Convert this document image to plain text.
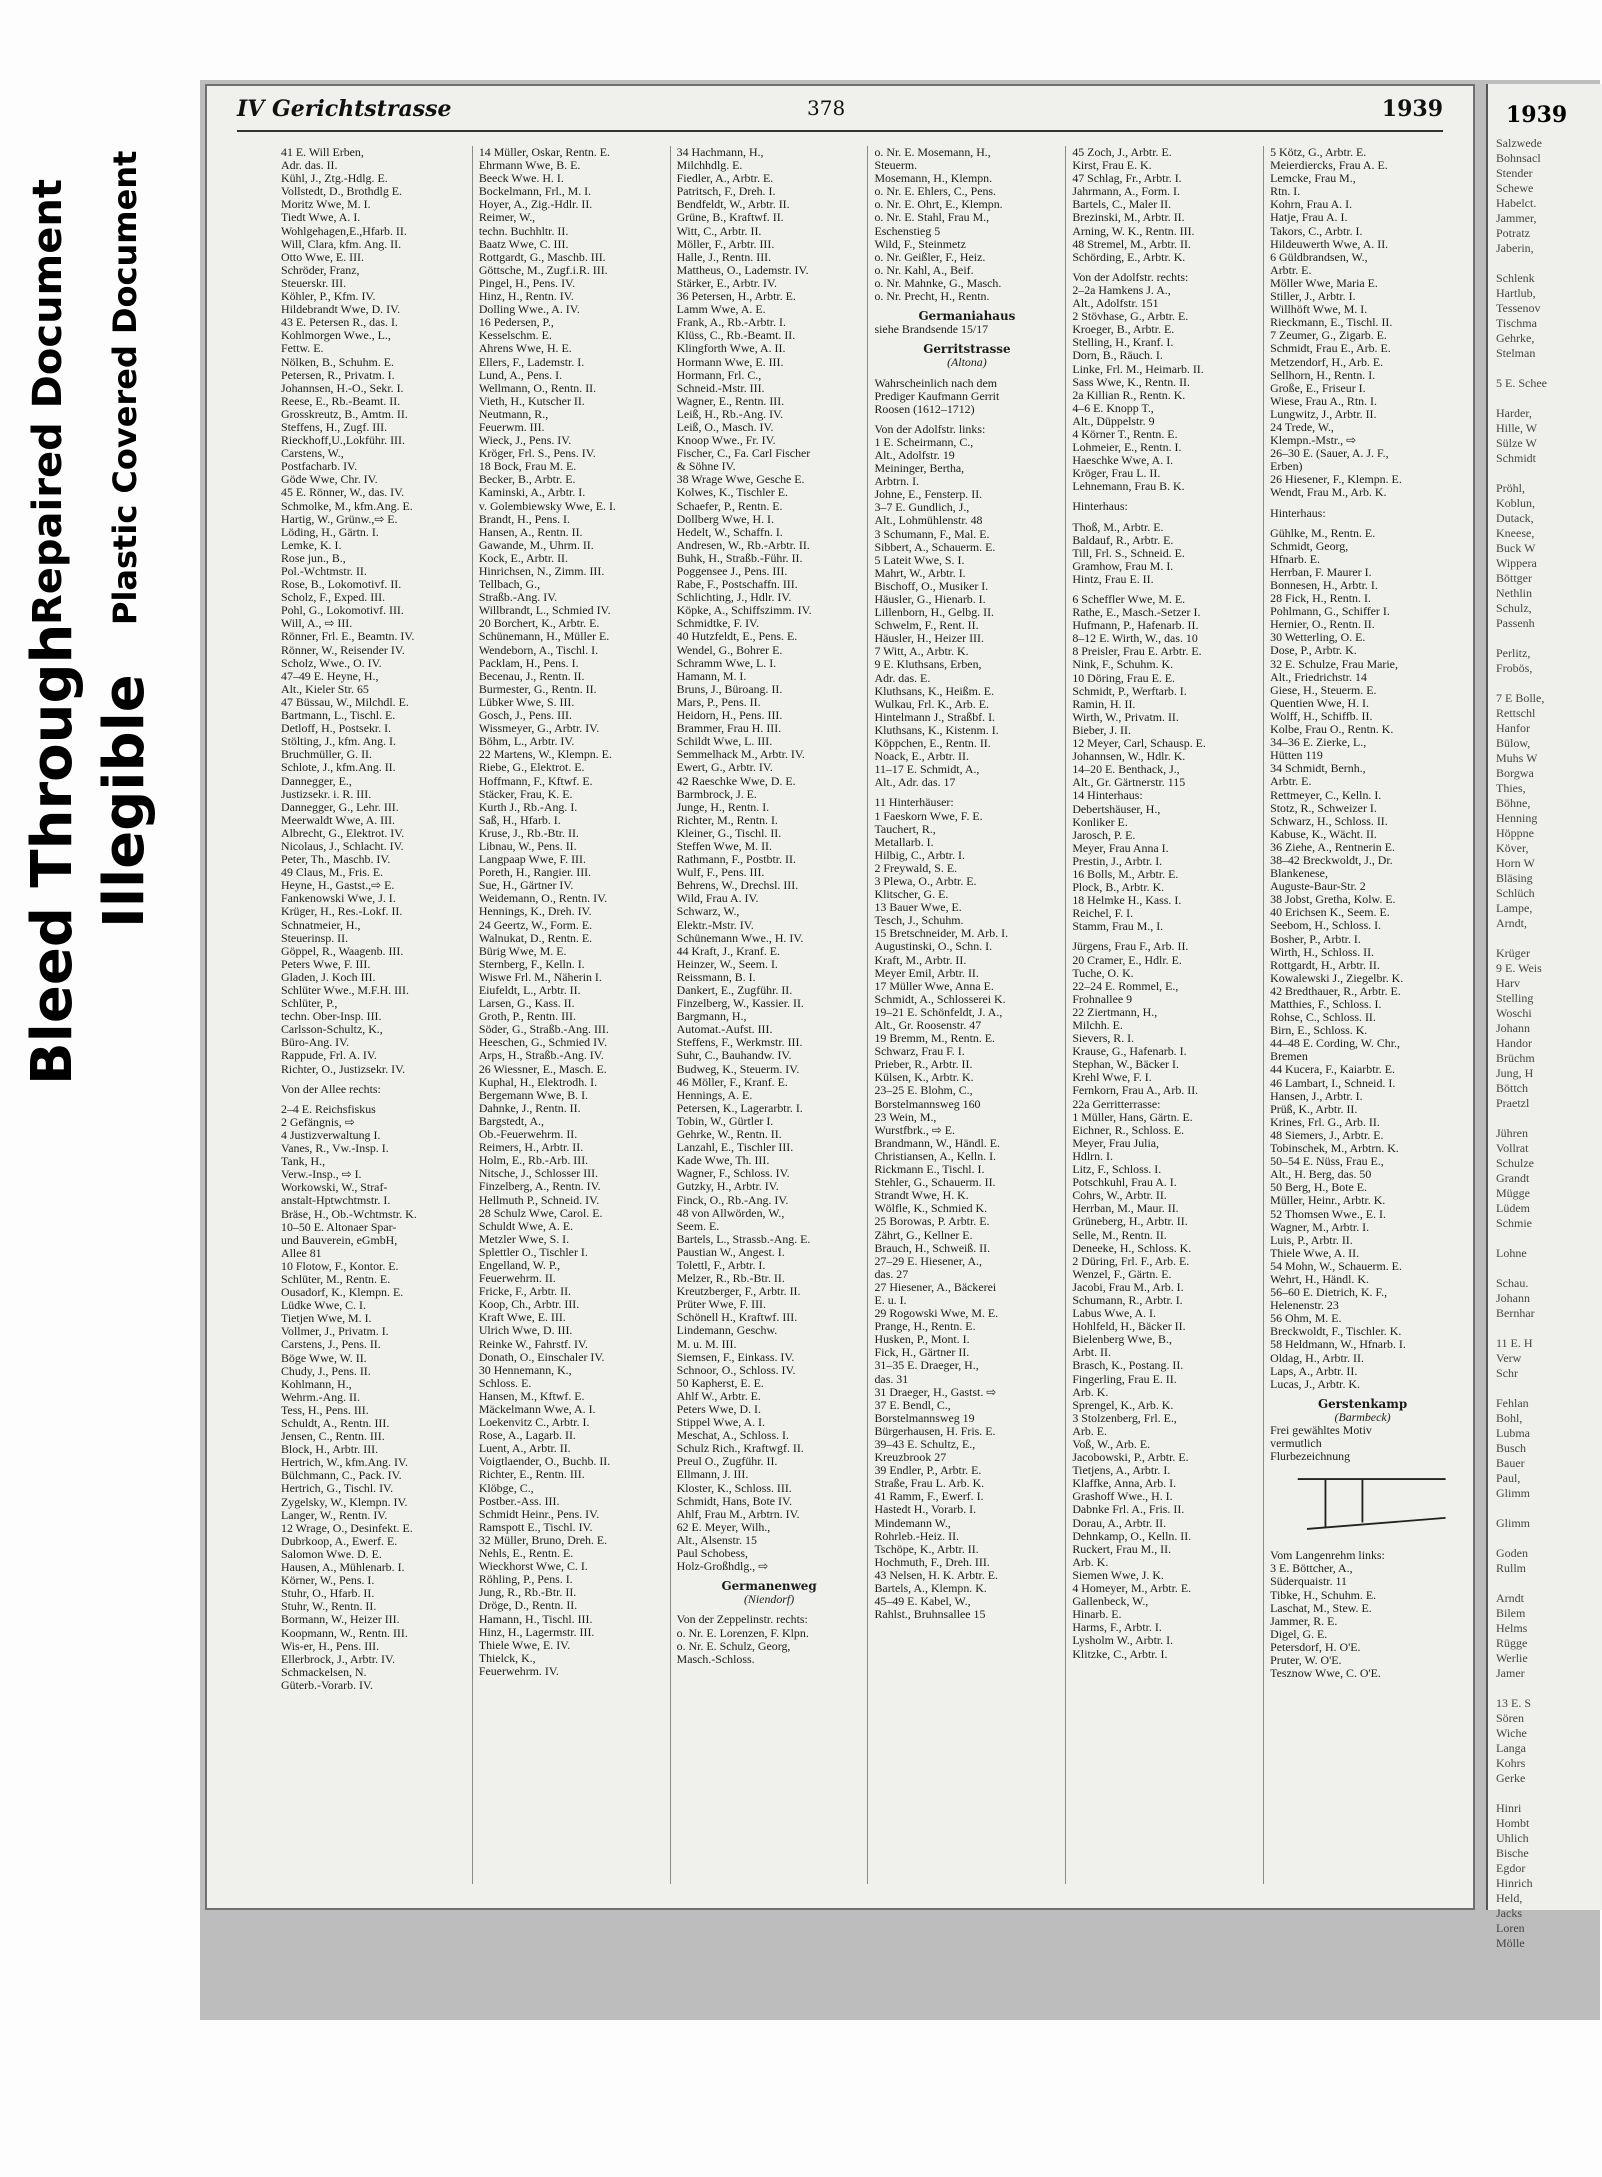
Bleed Through
Repaired Document
Illegible
Plastic Covered Document
IV Gerichtstrasse	378	1939
41 E. Will Erben,
Adr. das. II.
Kühl, J., Ztg.-Hdlg. E.
Vollstedt, D., Brothdlg E.
Moritz Wwe, M. I.
Tiedt Wwe, A. I.
Wohlgehagen,E.,Hfarb. II.
Will, Clara, kfm. Ang. II.
Otto Wwe, E. III.
Schröder, Franz,
Steuerskr. III.
Köhler, P., Kfm. IV.
Hildebrandt Wwe, D. IV.
43 E. Petersen R., das. I.
Kohlmorgen Wwe., L.,
Fettw. E.
Nölken, B., Schuhm. E.
Petersen, R., Privatm. I.
Johannsen, H.-O., Sekr. I.
Reese, E., Rb.-Beamt. II.
Grosskreutz, B., Amtm. II.
Steffens, H., Zugf. III.
Rieckhoff,U.,Lokführ. III.
Carstens, W.,
Postfacharb. IV.
Göde Wwe, Chr. IV.
45 E. Rönner, W., das. IV.
Schmolke, M., kfm.Ang. E.
Hartig, W., Grünw.,⇨ E.
Löding, H., Gärtn. I.
Lemke, K. I.
Rose jun., B.,
Pol.-Wchtmstr. II.
Rose, B., Lokomotivf. II.
Scholz, F., Exped. III.
Pohl, G., Lokomotivf. III.
Will, A., ⇨ III.
Rönner, Frl. E., Beamtn. IV.
Rönner, W., Reisender IV.
Scholz, Wwe., O. IV.
47–49 E. Heyne, H.,
Alt., Kieler Str. 65
47 Büssau, W., Milchdl. E.
Bartmann, L., Tischl. E.
Detloff, H., Postsekr. I.
Stölting, J., kfm. Ang. I.
Bruchmüller, G. II.
Schlote, J., kfm.Ang. II.
Dannegger, E.,
Justizsekr. i. R. III.
Dannegger, G., Lehr. III.
Meerwaldt Wwe, A. III.
Albrecht, G., Elektrot. IV.
Nicolaus, J., Schlacht. IV.
Peter, Th., Maschb. IV.
49 Claus, M., Fris. E.
Heyne, H., Gastst.,⇨ E.
Fankenowski Wwe, J. I.
Krüger, H., Res.-Lokf. II.
Schnatmeier, H.,
Steuerinsp. II.
Göppel, R., Waagenb. III.
Peters Wwe, F. III.
Gladen, J. Koch III.
Schlüter Wwe., M.F.H. III.
Schlüter, P.,
techn. Ober-Insp. III.
Carlsson-Schultz, K.,
Büro-Ang. IV.
Rappude, Frl. A. IV.
Richter, O., Justizsekr. IV.
Von der Allee rechts:
2–4 E. Reichsfiskus
2 Gefängnis, ⇨
4 Justizverwaltung I.
Vanes, R., Vw.-Insp. I.
Tank, H.,
Verw.-Insp., ⇨ I.
Workowski, W., Straf-
anstalt-Hptwchtmstr. I.
Bräse, H., Ob.-Wchtmstr. K.
10–50 E. Altonaer Spar-
und Bauverein, eGmbH,
Allee 81
10 Flotow, F., Kontor. E.
Schlüter, M., Rentn. E.
Ousadorf, K., Klempn. E.
Lüdke Wwe, C. I.
Tietjen Wwe, M. I.
Vollmer, J., Privatm. I.
Carstens, J., Pens. II.
Böge Wwe, W. II.
Chudy, J., Pens. II.
Kohlmann, H.,
Wehrm.-Ang. II.
Tess, H., Pens. III.
Schuldt, A., Rentn. III.
Jensen, C., Rentn. III.
Block, H., Arbtr. III.
Hertrich, W., kfm.Ang. IV.
Bülchmann, C., Pack. IV.
Hertrich, G., Tischl. IV.
Zygelsky, W., Klempn. IV.
Langer, W., Rentn. IV.
12 Wrage, O., Desinfekt. E.
Dubrkoop, A., Ewerf. E.
Salomon Wwe. D. E.
Hausen, A., Mühlenarb. I.
Körner, W., Pens. I.
Stuhr, O., Hfarb. II.
Stuhr, W., Rentn. II.
Bormann, W., Heizer III.
Koopmann, W., Rentn. III.
Wis-er, H., Pens. III.
Ellerbrock, J., Arbtr. IV.
Schmackelsen, N.
Güterb.-Vorarb. IV.
14 Müller, Oskar, Rentn. E.
Ehrmann Wwe, B. E.
Beeck Wwe. H. I.
Bockelmann, Frl., M. I.
Hoyer, A., Zig.-Hdlr. II.
Reimer, W.,
techn. Buchhltr. II.
Baatz Wwe, C. III.
Rottgardt, G., Maschb. III.
Göttsche, M., Zugf.i.R. III.
Pingel, H., Pens. IV.
Hinz, H., Rentn. IV.
Dolling Wwe., A. IV.
16 Pedersen, P.,
Kesselschm. E.
Ahrens Wwe, H. E.
Ellers, F., Lademstr. I.
Lund, A., Pens. I.
Wellmann, O., Rentn. II.
Vieth, H., Kutscher II.
Neutmann, R.,
Feuerwm. III.
Wieck, J., Pens. IV.
Kröger, Frl. S., Pens. IV.
18 Bock, Frau M. E.
Becker, B., Arbtr. E.
Kaminski, A., Arbtr. I.
v. Golembiewsky Wwe, E. I.
Brandt, H., Pens. I.
Hansen, A., Rentn. II.
Gawande, M., Uhrm. II.
Kock, E., Arbtr. II.
Hinrichsen, N., Zimm. III.
Tellbach, G.,
Straßb.-Ang. IV.
Willbrandt, L., Schmied IV.
20 Borchert, K., Arbtr. E.
Schünemann, H., Müller E.
Wendeborn, A., Tischl. I.
Packlam, H., Pens. I.
Becenau, J., Rentn. II.
Burmester, G., Rentn. II.
Lübker Wwe, S. III.
Gosch, J., Pens. III.
Wissmeyer, G., Arbtr. IV.
Böhm, L., Arbtr. IV.
22 Martens, W., Klempn. E.
Riebe, G., Elektrot. E.
Hoffmann, F., Kftwf. E.
Stäcker, Frau, K. E.
Kurth J., Rb.-Ang. I.
Saß, H., Hfarb. I.
Kruse, J., Rb.-Btr. II.
Libnau, W., Pens. II.
Langpaap Wwe, F. III.
Poreth, H., Rangier. III.
Sue, H., Gärtner IV.
Weidemann, O., Rentn. IV.
Hennings, K., Dreh. IV.
24 Geertz, W., Form. E.
Walnukat, D., Rentn. E.
Bürig Wwe, M. E.
Sternberg, F., Kelln. I.
Wiswe Frl. M., Näherin I.
Eiufeldt, L., Arbtr. II.
Larsen, G., Kass. II.
Groth, P., Rentn. III.
Söder, G., Straßb.-Ang. III.
Heeschen, G., Schmied IV.
Arps, H., Straßb.-Ang. IV.
26 Wiessner, E., Masch. E.
Kuphal, H., Elektrodh. I.
Bergemann Wwe, B. I.
Dahnke, J., Rentn. II.
Bargstedt, A.,
Ob.-Feuerwehrm. II.
Reimers, H., Arbtr. II.
Holm, E., Rb.-Arb. III.
Nitsche, J., Schlosser III.
Finzelberg, A., Rentn. IV.
Hellmuth P., Schneid. IV.
28 Schulz Wwe, Carol. E.
Schuldt Wwe, A. E.
Metzler Wwe, S. I.
Splettler O., Tischler I.
Engelland, W. P.,
Feuerwehrm. II.
Fricke, F., Arbtr. II.
Koop, Ch., Arbtr. III.
Kraft Wwe, E. III.
Ulrich Wwe, D. III.
Reinke W., Fahrstf. IV.
Donath, O., Einschaler IV.
30 Hennemann, K.,
Schloss. E.
Hansen, M., Kftwf. E.
Mäckelmann Wwe, A. I.
Loekenvitz C., Arbtr. I.
Rose, A., Lagarb. II.
Luent, A., Arbtr. II.
Voigtlaender, O., Buchb. II.
Richter, E., Rentn. III.
Klöbge, C.,
Postber.-Ass. III.
Schmidt Heinr., Pens. IV.
Ramspott E., Tischl. IV.
32 Müller, Bruno, Dreh. E.
Nehls, E., Rentn. E.
Wieckhorst Wwe, C. I.
Röhling, P., Pens. I.
Jung, R., Rb.-Btr. II.
Dröge, D., Rentn. II.
Hamann, H., Tischl. III.
Hinz, H., Lagermstr. III.
Thiele Wwe, E. IV.
Thielck, K.,
Feuerwehrm. IV.
34 Hachmann, H.,
Milchhdlg. E.
Fiedler, A., Arbtr. E.
Patritsch, F., Dreh. I.
Bendfeldt, W., Arbtr. II.
Grüne, B., Kraftwf. II.
Witt, C., Arbtr. II.
Möller, F., Arbtr. III.
Halle, J., Rentn. III.
Mattheus, O., Lademstr. IV.
Stärker, E., Arbtr. IV.
36 Petersen, H., Arbtr. E.
Lamm Wwe, A. E.
Frank, A., Rb.-Arbtr. I.
Klüss, C., Rb.-Beamt. II.
Klingforth Wwe, A. II.
Hormann Wwe, E. III.
Hormann, Frl. C.,
Schneid.-Mstr. III.
Wagner, E., Rentn. III.
Leiß, H., Rb.-Ang. IV.
Leiß, O., Masch. IV.
Knoop Wwe., Fr. IV.
Fischer, C., Fa. Carl Fischer
& Söhne IV.
38 Wrage Wwe, Gesche E.
Kolwes, K., Tischler E.
Schaefer, P., Rentn. E.
Dollberg Wwe, H. I.
Hedelt, W., Schaffn. I.
Andresen, W., Rb.-Arbtr. II.
Buhk, H., Straßb.-Führ. II.
Poggensee J., Pens. III.
Rabe, F., Postschaffn. III.
Schlichting, J., Hdlr. IV.
Köpke, A., Schiffszimm. IV.
Schmidtke, F. IV.
40 Hutzfeldt, E., Pens. E.
Wendel, G., Bohrer E.
Schramm Wwe, L. I.
Hamann, M. I.
Bruns, J., Büroang. II.
Mars, P., Pens. II.
Heidorn, H., Pens. III.
Brammer, Frau H. III.
Schildt Wwe, L. III.
Semmelhack M., Arbtr. IV.
Ewert, G., Arbtr. IV.
42 Raeschke Wwe, D. E.
Barmbrock, J. E.
Junge, H., Rentn. I.
Richter, M., Rentn. I.
Kleiner, G., Tischl. II.
Steffen Wwe, M. II.
Rathmann, F., Postbtr. II.
Wulf, F., Pens. III.
Behrens, W., Drechsl. III.
Wild, Frau A. IV.
Schwarz, W.,
Elektr.-Mstr. IV.
Schünemann Wwe., H. IV.
44 Kraft, J., Kranf. E.
Heinzer, W., Seem. I.
Reissmann, B. I.
Dankert, E., Zugführ. II.
Finzelberg, W., Kassier. II.
Bargmann, H.,
Automat.-Aufst. III.
Steffens, F., Werkmstr. III.
Suhr, C., Bauhandw. IV.
Budweg, K., Steuerm. IV.
46 Möller, F., Kranf. E.
Hennings, A. E.
Petersen, K., Lagerarbtr. I.
Tobin, W., Gürtler I.
Gehrke, W., Rentn. II.
Lanzahl, E., Tischler III.
Kade Wwe, Th. III.
Wagner, F., Schloss. IV.
Gutzky, H., Arbtr. IV.
Finck, O., Rb.-Ang. IV.
48 von Allwörden, W.,
Seem. E.
Bartels, L., Strassb.-Ang. E.
Paustian W., Angest. I.
Tolettl, F., Arbtr. I.
Melzer, R., Rb.-Btr. II.
Kreutzberger, F., Arbtr. II.
Prüter Wwe, F. III.
Schönell H., Kraftwf. III.
Lindemann, Geschw.
M. u. M. III.
Siemsen, F., Einkass. IV.
Schnoor, O., Schloss. IV.
50 Kapherst, E. E.
Ahlf W., Arbtr. E.
Peters Wwe, D. I.
Stippel Wwe, A. I.
Meschat, A., Schloss. I.
Schulz Rich., Kraftwgf. II.
Preul O., Zugführ. II.
Ellmann, J. III.
Kloster, K., Schloss. III.
Schmidt, Hans, Bote IV.
Ahlf, Frau M., Arbtrn. IV.
62 E. Meyer, Wilh.,
Alt., Alsenstr. 15
Paul Schobess,
Holz-Großhdlg., ⇨
Germanenweg
(Niendorf)
Von der Zeppelinstr. rechts:
o. Nr. E. Lorenzen, F. Klpn.
o. Nr. E. Schulz, Georg,
Masch.-Schloss.
o. Nr. E. Mosemann, H.,
Steuerm.
Mosemann, H., Klempn.
o. Nr. E. Ehlers, C., Pens.
o. Nr. E. Ohrt, E., Klempn.
o. Nr. E. Stahl, Frau M.,
Eschenstieg 5
Wild, F., Steinmetz
o. Nr. Geißler, F., Heiz.
o. Nr. Kahl, A., Beif.
o. Nr. Mahnke, G., Masch.
o. Nr. Precht, H., Rentn.
Germaniahaus
siehe Brandsende 15/17
Gerritstrasse
(Altona)
Wahrscheinlich nach dem
Prediger Kaufmann Gerrit
Roosen (1612–1712)
Von der Adolfstr. links:
1 E. Scheirmann, C.,
Alt., Adolfstr. 19
Meininger, Bertha,
Arbtrn. I.
Johne, E., Fensterp. II.
3–7 E. Gundlich, J.,
Alt., Lohmühlenstr. 48
3 Schumann, F., Mal. E.
Sibbert, A., Schauerm. E.
5 Lateit Wwe, S. I.
Mahrt, W., Arbtr. I.
Bischoff, O., Musiker I.
Häusler, G., Hienarb. I.
Lillenborn, H., Gelbg. II.
Schwelm, F., Rent. II.
Häusler, H., Heizer III.
7 Witt, A., Arbtr. K.
9 E. Kluthsans, Erben,
Adr. das. E.
Kluthsans, K., Heißm. E.
Wulkau, Frl. K., Arb. E.
Hintelmann J., Straßbf. I.
Kluthsans, K., Kistenm. I.
Köppchen, E., Rentn. II.
Noack, E., Arbtr. II.
11–17 E. Schmidt, A.,
Alt., Adr. das. 17
11 Hinterhäuser:
1 Faeskorn Wwe, F. E.
Tauchert, R.,
Metallarb. I.
Hilbig, C., Arbtr. I.
2 Freywald, S. E.
3 Plewa, O., Arbtr. E.
Klitscher, G. E.
13 Bauer Wwe, E.
Tesch, J., Schuhm.
15 Bretschneider, M. Arb. I.
Augustinski, O., Schn. I.
Kraft, M., Arbtr. II.
Meyer Emil, Arbtr. II.
17 Müller Wwe, Anna E.
Schmidt, A., Schlosserei K.
19–21 E. Schönfeldt, J. A.,
Alt., Gr. Roosenstr. 47
19 Bremm, M., Rentn. E.
Schwarz, Frau F. I.
Prieber, R., Arbtr. II.
Külsen, K., Arbtr. K.
23–25 E. Blohm, C.,
Borstelmannsweg 160
23 Wein, M.,
Wurstfbrk., ⇨ E.
Brandmann, W., Händl. E.
Christiansen, A., Kelln. I.
Rickmann E., Tischl. I.
Stehler, G., Schauerm. II.
Strandt Wwe, H. K.
Wölfle, K., Schmied K.
25 Borowas, P. Arbtr. E.
Zährt, G., Kellner E.
Brauch, H., Schweiß. II.
27–29 E. Hiesener, A.,
das. 27
27 Hiesener, A., Bäckerei
E. u. I.
29 Rogowski Wwe, M. E.
Prange, H., Rentn. E.
Husken, P., Mont. I.
Fick, H., Gärtner II.
31–35 E. Draeger, H.,
das. 31
31 Draeger, H., Gastst. ⇨
37 E. Bendl, C.,
Borstelmannsweg 19
Bürgerhausen, H. Fris. E.
39–43 E. Schultz, E.,
Kreuzbrook 27
39 Endler, P., Arbtr. E.
Straße, Frau L. Arb. K.
41 Ramm, F., Ewerf. I.
Hastedt H., Vorarb. I.
Mindemann W.,
Rohrleb.-Heiz. II.
Tschöpe, K., Arbtr. II.
Hochmuth, F., Dreh. III.
43 Nelsen, H. K. Arbtr. E.
Bartels, A., Klempn. K.
45–49 E. Kabel, W.,
Rahlst., Bruhnsallee 15
45 Zoch, J., Arbtr. E.
Kirst, Frau E. K.
47 Schlag, Fr., Arbtr. I.
Jahrmann, A., Form. I.
Bartels, C., Maler II.
Brezinski, M., Arbtr. II.
Arning, W. K., Rentn. III.
48 Stremel, M., Arbtr. II.
Schörding, E., Arbtr. K.
Von der Adolfstr. rechts:
2–2a Hamkens J. A.,
Alt., Adolfstr. 151
2 Stövhase, G., Arbtr. E.
Kroeger, B., Arbtr. E.
Stelling, H., Kranf. I.
Dorn, B., Räuch. I.
Linke, Frl. M., Heimarb. II.
Sass Wwe, K., Rentn. II.
2a Killian R., Rentn. K.
4–6 E. Knopp T.,
Alt., Düppelstr. 9
4 Körner T., Rentn. E.
Lohmeier, E., Rentn. I.
Haeschke Wwe, A. I.
Kröger, Frau L. II.
Lehnemann, Frau B. K.
Hinterhaus:
Thoß, M., Arbtr. E.
Baldauf, R., Arbtr. E.
Till, Frl. S., Schneid. E.
Gramhow, Frau M. I.
Hintz, Frau E. II.
6 Scheffler Wwe, M. E.
Rathe, E., Masch.-Setzer I.
Hufmann, P., Hafenarb. II.
8–12 E. Wirth, W., das. 10
8 Preisler, Frau E. Arbtr. E.
Nink, F., Schuhm. K.
10 Döring, Frau E. E.
Schmidt, P., Werftarb. I.
Ramin, H. II.
Wirth, W., Privatm. II.
Bieber, J. II.
12 Meyer, Carl, Schausp. E.
Johannsen, W., Hdlr. K.
14–20 E. Benthack, J.,
Alt., Gr. Gärtnerstr. 115
14 Hinterhaus:
Debertshäuser, H.,
Konliker E.
Jarosch, P. E.
Meyer, Frau Anna I.
Prestin, J., Arbtr. I.
16 Bolls, M., Arbtr. E.
Plock, B., Arbtr. K.
18 Helmke H., Kass. I.
Reichel, F. I.
Stamm, Frau M., I.
Jürgens, Frau F., Arb. II.
20 Cramer, E., Hdlr. E.
Tuche, O. K.
22–24 E. Rommel, E.,
Frohnallee 9
22 Ziertmann, H.,
Milchh. E.
Sievers, R. I.
Krause, G., Hafenarb. I.
Stephan, W., Bäcker I.
Krehl Wwe, F. I.
Fernkorn, Frau A., Arb. II.
22a Gerritterrasse:
1 Müller, Hans, Gärtn. E.
Eichner, R., Schloss. E.
Meyer, Frau Julia,
Hdlrn. I.
Litz, F., Schloss. I.
Potschkuhl, Frau A. I.
Cohrs, W., Arbtr. II.
Herrban, M., Maur. II.
Grüneberg, H., Arbtr. II.
Selle, M., Rentn. II.
Deneeke, H., Schloss. K.
2 Düring, Frl. F., Arb. E.
Wenzel, F., Gärtn. E.
Jacobi, Frau M., Arb. I.
Schumann, R., Arbtr. I.
Labus Wwe, A. I.
Hohlfeld, H., Bäcker II.
Bielenberg Wwe, B.,
Arbt. II.
Brasch, K., Postang. II.
Fingerling, Frau E. II.
Arb. K.
Sprengel, K., Arb. K.
3 Stolzenberg, Frl. E.,
Arb. E.
Voß, W., Arb. E.
Jacobowski, P., Arbtr. E.
Tietjens, A., Arbtr. I.
Klaffke, Anna, Arb. I.
Grashoff Wwe., H. I.
Dabnke Frl. A., Fris. II.
Dorau, A., Arbtr. II.
Dehnkamp, O., Kelln. II.
Ruckert, Frau M., II.
Arb. K.
Siemen Wwe, J. K.
4 Homeyer, M., Arbtr. E.
Gallenbeck, W.,
Hinarb. E.
Harms, F., Arbtr. I.
Lysholm W., Arbtr. I.
Klitzke, C., Arbtr. I.
5 Kötz, G., Arbtr. E.
Meierdiercks, Frau A. E.
Lemcke, Frau M.,
Rtn. I.
Kohrn, Frau A. I.
Hatje, Frau A. I.
Takors, C., Arbtr. I.
Hildeuwerth Wwe, A. II.
6 Güldbrandsen, W.,
Arbtr. E.
Möller Wwe, Maria E.
Stiller, J., Arbtr. I.
Willhöft Wwe, M. I.
Rieckmann, E., Tischl. II.
7 Zeumer, G., Zigarb. E.
Schmidt, Frau E., Arb. E.
Metzendorf, H., Arb. E.
Sellhorn, H., Rentn. I.
Große, E., Friseur I.
Wiese, Frau A., Rtn. I.
Lungwitz, J., Arbtr. II.
24 Trede, W.,
Klempn.-Mstr., ⇨
26–30 E. (Sauer, A. J. F.,
Erben)
26 Hiesener, F., Klempn. E.
Wendt, Frau M., Arb. K.
Hinterhaus:
Gühlke, M., Rentn. E.
Schmidt, Georg,
Hfnarb. E.
Herrban, F. Maurer I.
Bonnesen, H., Arbtr. I.
28 Fick, H., Rentn. I.
Pohlmann, G., Schiffer I.
Hernier, O., Rentn. II.
30 Wetterling, O. E.
Dose, P., Arbtr. K.
32 E. Schulze, Frau Marie,
Alt., Friedrichstr. 14
Giese, H., Steuerm. E.
Quentien Wwe, H. I.
Wolff, H., Schiffb. II.
Kolbe, Frau O., Rentn. K.
34–36 E. Zierke, L.,
Hütten 119
34 Schmidt, Bernh.,
Arbtr. E.
Rettmeyer, C., Kelln. I.
Stotz, R., Schweizer I.
Schwarz, H., Schloss. II.
Kabuse, K., Wächt. II.
36 Ziehe, A., Rentnerin E.
38–42 Breckwoldt, J., Dr.
Blankenese,
Auguste-Baur-Str. 2
38 Jobst, Gretha, Kolw. E.
40 Erichsen K., Seem. E.
Seebom, H., Schloss. I.
Bosher, P., Arbtr. I.
Wirth, H., Schloss. II.
Rottgardt, H., Arbtr. II.
Kowalewski J., Ziegelbr. K.
42 Bredthauer, R., Arbtr. E.
Matthies, F., Schloss. I.
Rohse, C., Schloss. II.
Birn, E., Schloss. K.
44–48 E. Cording, W. Chr.,
Bremen
44 Kucera, F., Kaiarbtr. E.
46 Lambart, I., Schneid. I.
Hansen, J., Arbtr. I.
Prüß, K., Arbtr. II.
Krines, Frl. G., Arb. II.
48 Siemers, J., Arbtr. E.
Tobinschek, M., Arbtrn. K.
50–54 E. Nüss, Frau E.,
Alt., H. Berg, das. 50
50 Berg, H., Bote E.
Müller, Heinr., Arbtr. K.
52 Thomsen Wwe., E. I.
Wagner, M., Arbtr. I.
Luis, P., Arbtr. II.
Thiele Wwe, A. II.
54 Mohn, W., Schauerm. E.
Wehrt, H., Händl. K.
56–60 E. Dietrich, K. F.,
Helenenstr. 23
56 Ohm, M. E.
Breckwoldt, F., Tischler. K.
58 Heldmann, W., Hfnarb. I.
Oldag, H., Arbtr. II.
Laps, A., Arbtr. II.
Lucas, J., Arbtr. K.
Gerstenkamp
(Barmbeck)
Frei gewähltes Motiv
vermutlich
Flurbezeichnung
Vom Langenrehm links:
3 E. Böttcher, A.,
Süderquaistr. 11
Tibke, H., Schuhm. E.
Laschat, M., Stew. E.
Jammer, R. E.
Digel, G. E.
Petersdorf, H. O'E.
Pruter, W. O'E.
Tesznow Wwe, C. O'E.
1939
Salzwede
Bohnsacl
Stender
Schewe
Habelct.
Jammer,
Potratz
Jaberin,

Schlenk
Hartlub,
Tessenov
Tischma
Gehrke,
Stelman

5 E. Schee

Harder,
Hille, W
Sülze W
Schmidt

Pröhl,
Koblun,
Dutack,
Kneese,
Buck W
Wippera
Böttger
Nethlin
Schulz,
Passenh

Perlitz,
Frobös,

7 E Bolle,
Rettschl
Hanfor
Bülow,
Muhs W
Borgwa
Thies,
Böhne,
Henning
Höppne
Köver,
Horn W
Bläsing
Schlüch
Lampe,
Arndt,

Krüger
9 E. Weis
Harv
Stelling
Woschi
Johann
Handor
Brüchm
Jung, H
Böttch
Praetzl

Jühren
Vollrat
Schulze
Grandt
Mügge
Lüdem
Schmie

Lohne

Schau.
Johann
Bernhar

11 E. H
Verw
Schr

Fehlan
Bohl,
Lubma
Busch
Bauer
Paul,
Glimm

Glimm

Goden
Rullm

Arndt
Bilem
Helms
Rügge
Werlie
Jamer

13 E. S
Sören
Wiche
Langa
Kohrs
Gerke

Hinri
Hombt
Uhlich
Bische
Egdor
Hinrich
Held,
Jacks
Loren
Mölle
